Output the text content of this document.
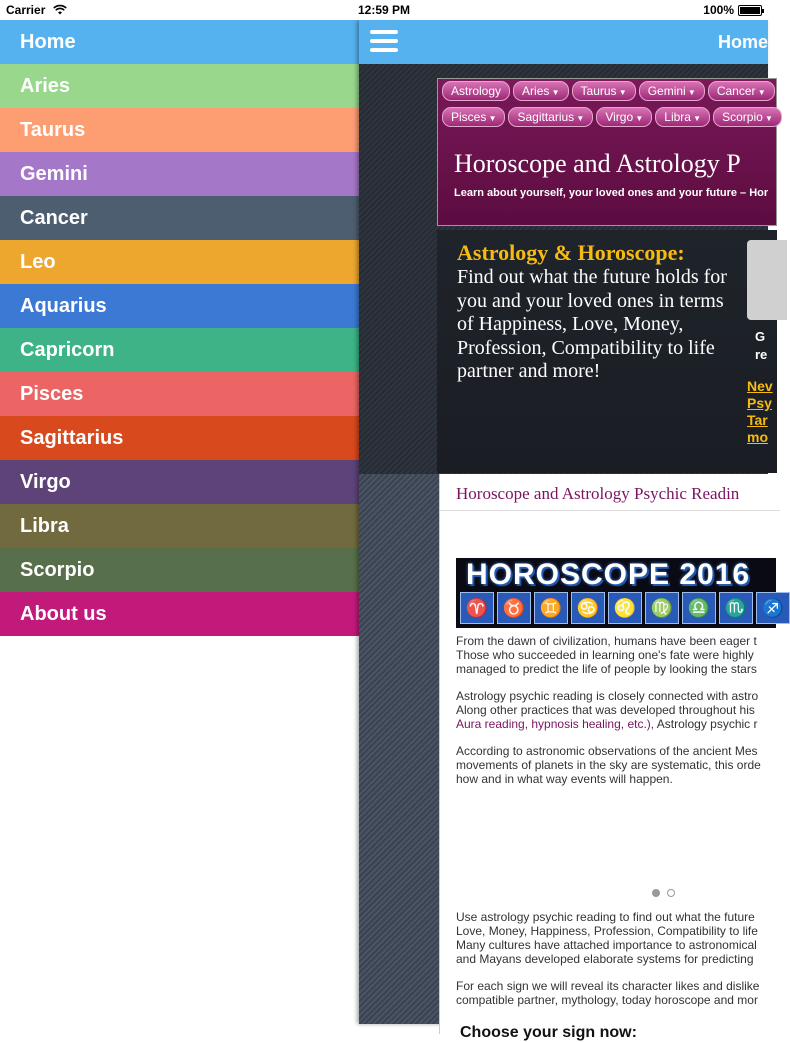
Carrier	12:59 PM	100%
Home
Aries
Taurus
Gemini
Cancer
Leo
Aquarius
Capricorn
Pisces
Sagittarius
Virgo
Libra
Scorpio
About us
Home
Astrology	Aries ▼	Taurus ▼	Gemini ▼	Cancer ▼
Pisces ▼	Sagittarius ▼	Virgo ▼	Libra ▼	Scorpio ▼
Horoscope and Astrology P
Learn about yourself, your loved ones and your future – Hor
Astrology & Horoscope:
Find out what the future holds for you and your loved ones in terms of Happiness, Love, Money, Profession, Compatibility to life partner and more!
G
re
Nev
Psy
Tar
mo
Horoscope and Astrology Psychic Readin
HOROSCOPE 2016
♈ ♉ ♊ ♋ ♌ ♍ ♎ ♏ ♐
From the dawn of civilization, humans have been eager t
Those who succeeded in learning one's fate were highly
managed to predict the life of people by looking the stars
Astrology psychic reading is closely connected with astro
Along other practices that was developed throughout his
Aura reading, hypnosis healing, etc.), Astrology psychic r
According to astronomic observations of the ancient Mes
movements of planets in the sky are systematic, this orde
how and in what way events will happen.
Use astrology psychic reading to find out what the future
Love, Money, Happiness, Profession, Compatibility to life
Many cultures have attached importance to astronomical
and Mayans developed elaborate systems for predicting
For each sign we will reveal its character likes and dislike
compatible partner, mythology, today horoscope and mor
Choose your sign now:
